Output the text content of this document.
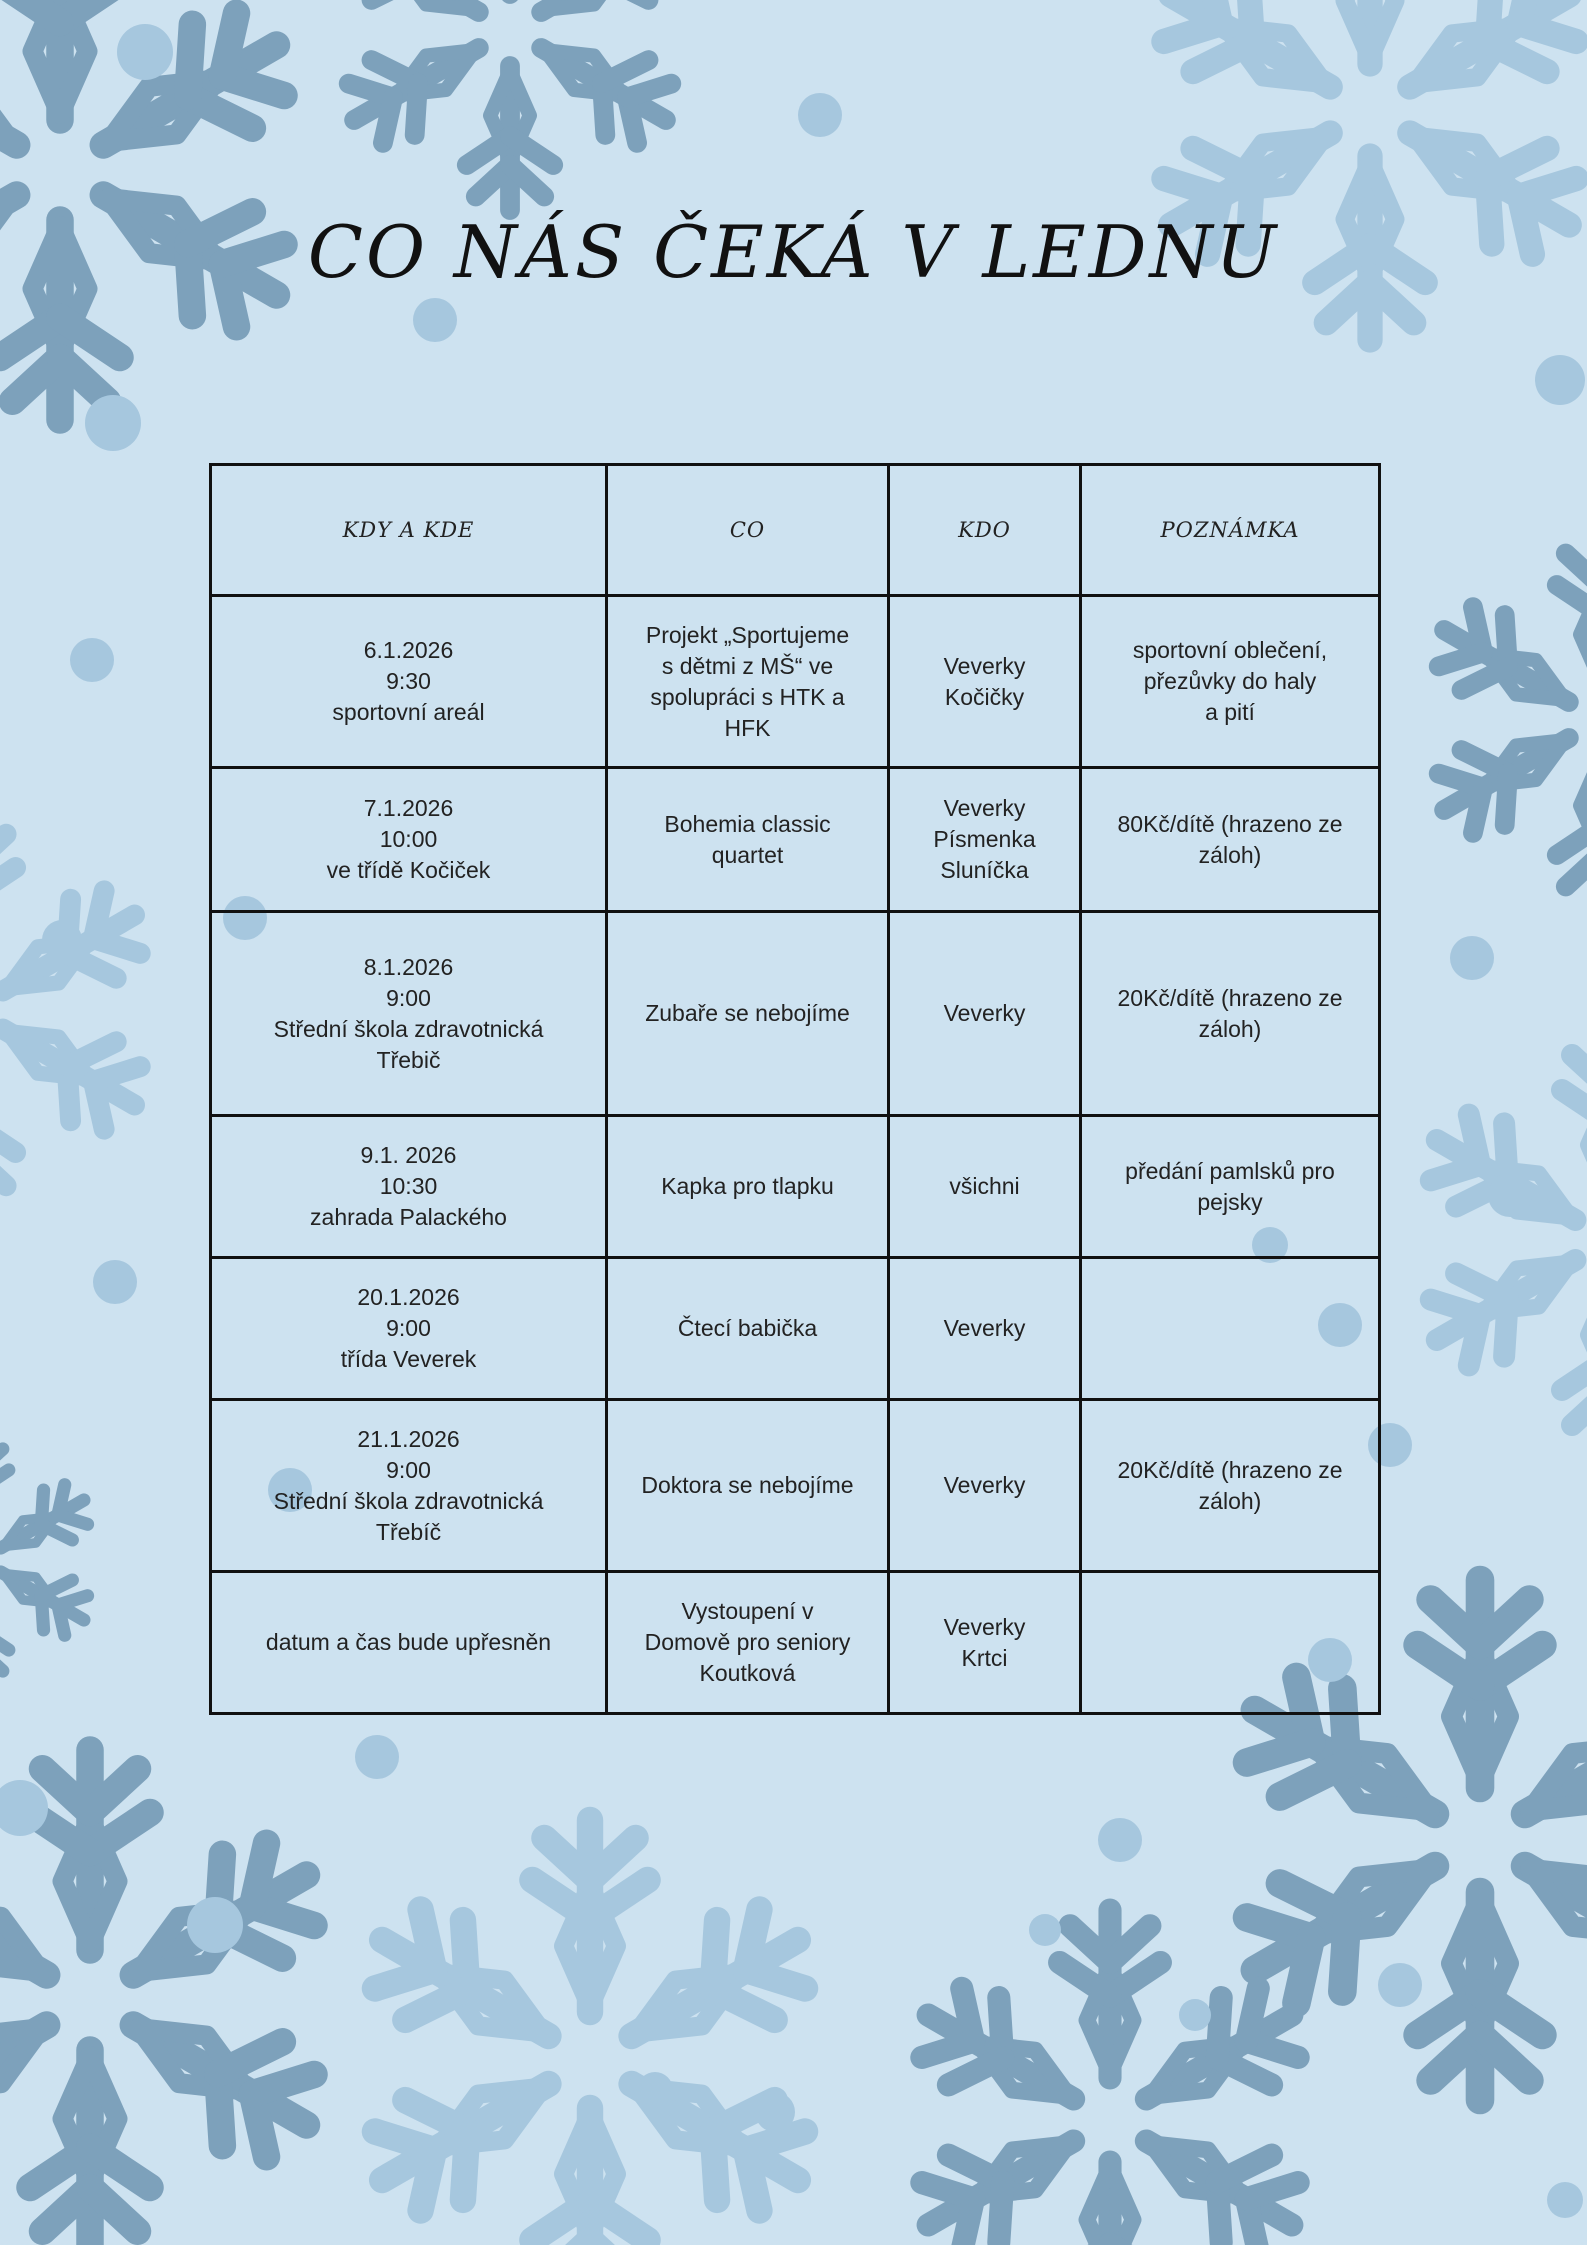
CO NÁS ČEKÁ V LEDNU
KDY A KDE	CO	KDO	POZNÁMKA

6.1.2026
9:30
sportovní areál	Projekt „Sportujeme
s dětmi z MŠ“ ve
spolupráci s HTK a
HFK	Veverky
Kočičky	sportovní oblečení,
přezůvky do haly
a pití

7.1.2026
10:00
ve třídě Kočiček	Bohemia classic
quartet	Veverky
Písmenka
Sluníčka	80Kč/dítě (hrazeno ze
záloh)

8.1.2026
9:00
Střední škola zdravotnická
Třebič	Zubaře se nebojíme	Veverky	20Kč/dítě (hrazeno ze
záloh)

9.1. 2026
10:30
zahrada Palackého	Kapka pro tlapku	všichni	předání pamlsků pro
pejsky

20.1.2026
9:00
třída Veverek	Čtecí babička	Veverky	

21.1.2026
9:00
Střední škola zdravotnická
Třebíč	Doktora se nebojíme	Veverky	20Kč/dítě (hrazeno ze
záloh)

datum a čas bude upřesněn	Vystoupení v
Domově pro seniory
Koutková	Veverky
Krtci	
